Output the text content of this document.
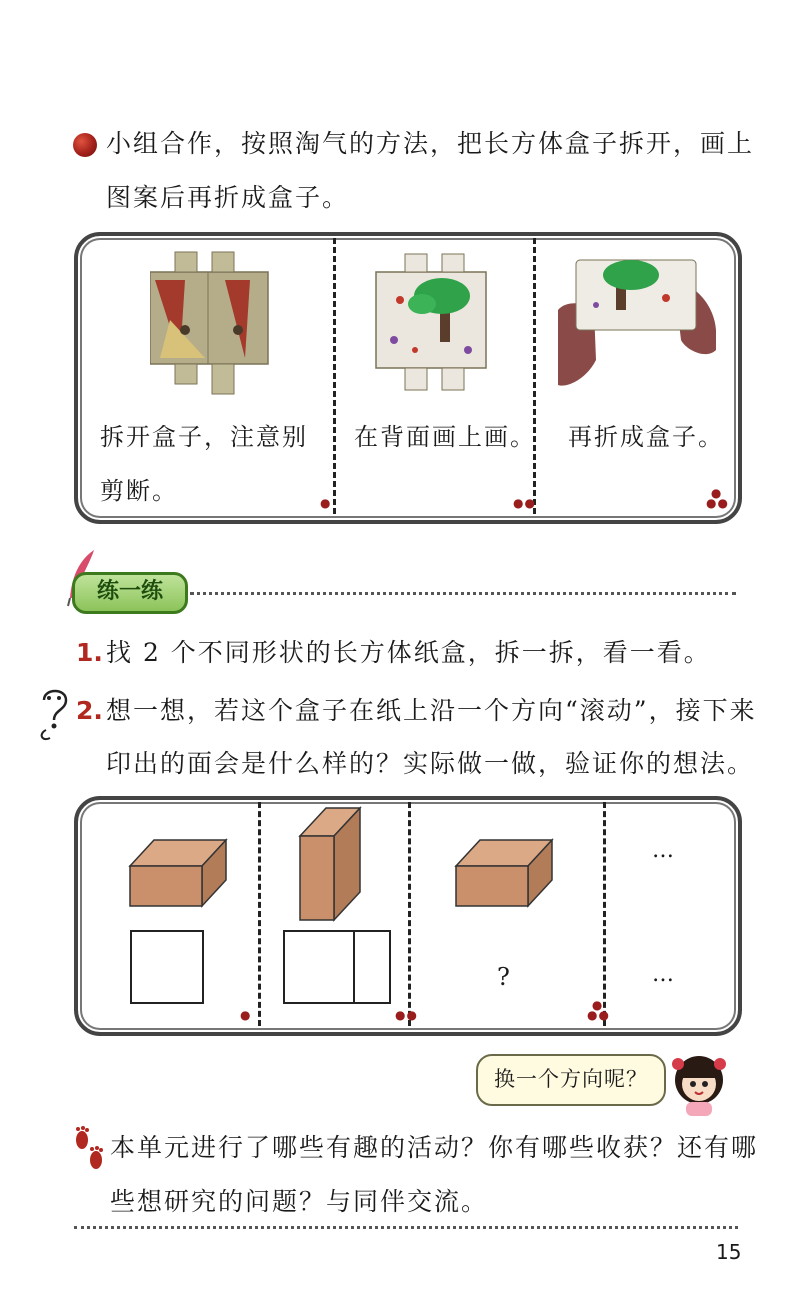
小组合作，按照淘气的方法，把长方体盒子拆开，画上
图案后再折成盒子。
拆开盒子，注意别
剪断。
在背面画上画。 再折成盒子。
●	●●
●
●●
练一练
1. 找 2 个不同形状的长方体纸盒，拆一拆，看一看。
2. 想一想，若这个盒子在纸上沿一个方向“滚动”，接下来
印出的面会是什么样的？实际做一做，验证你的想法。
?
…
…
●	●●
●
●●
换一个方向呢？
本单元进行了哪些有趣的活动？你有哪些收获？还有哪
些想研究的问题？与同伴交流。
15
